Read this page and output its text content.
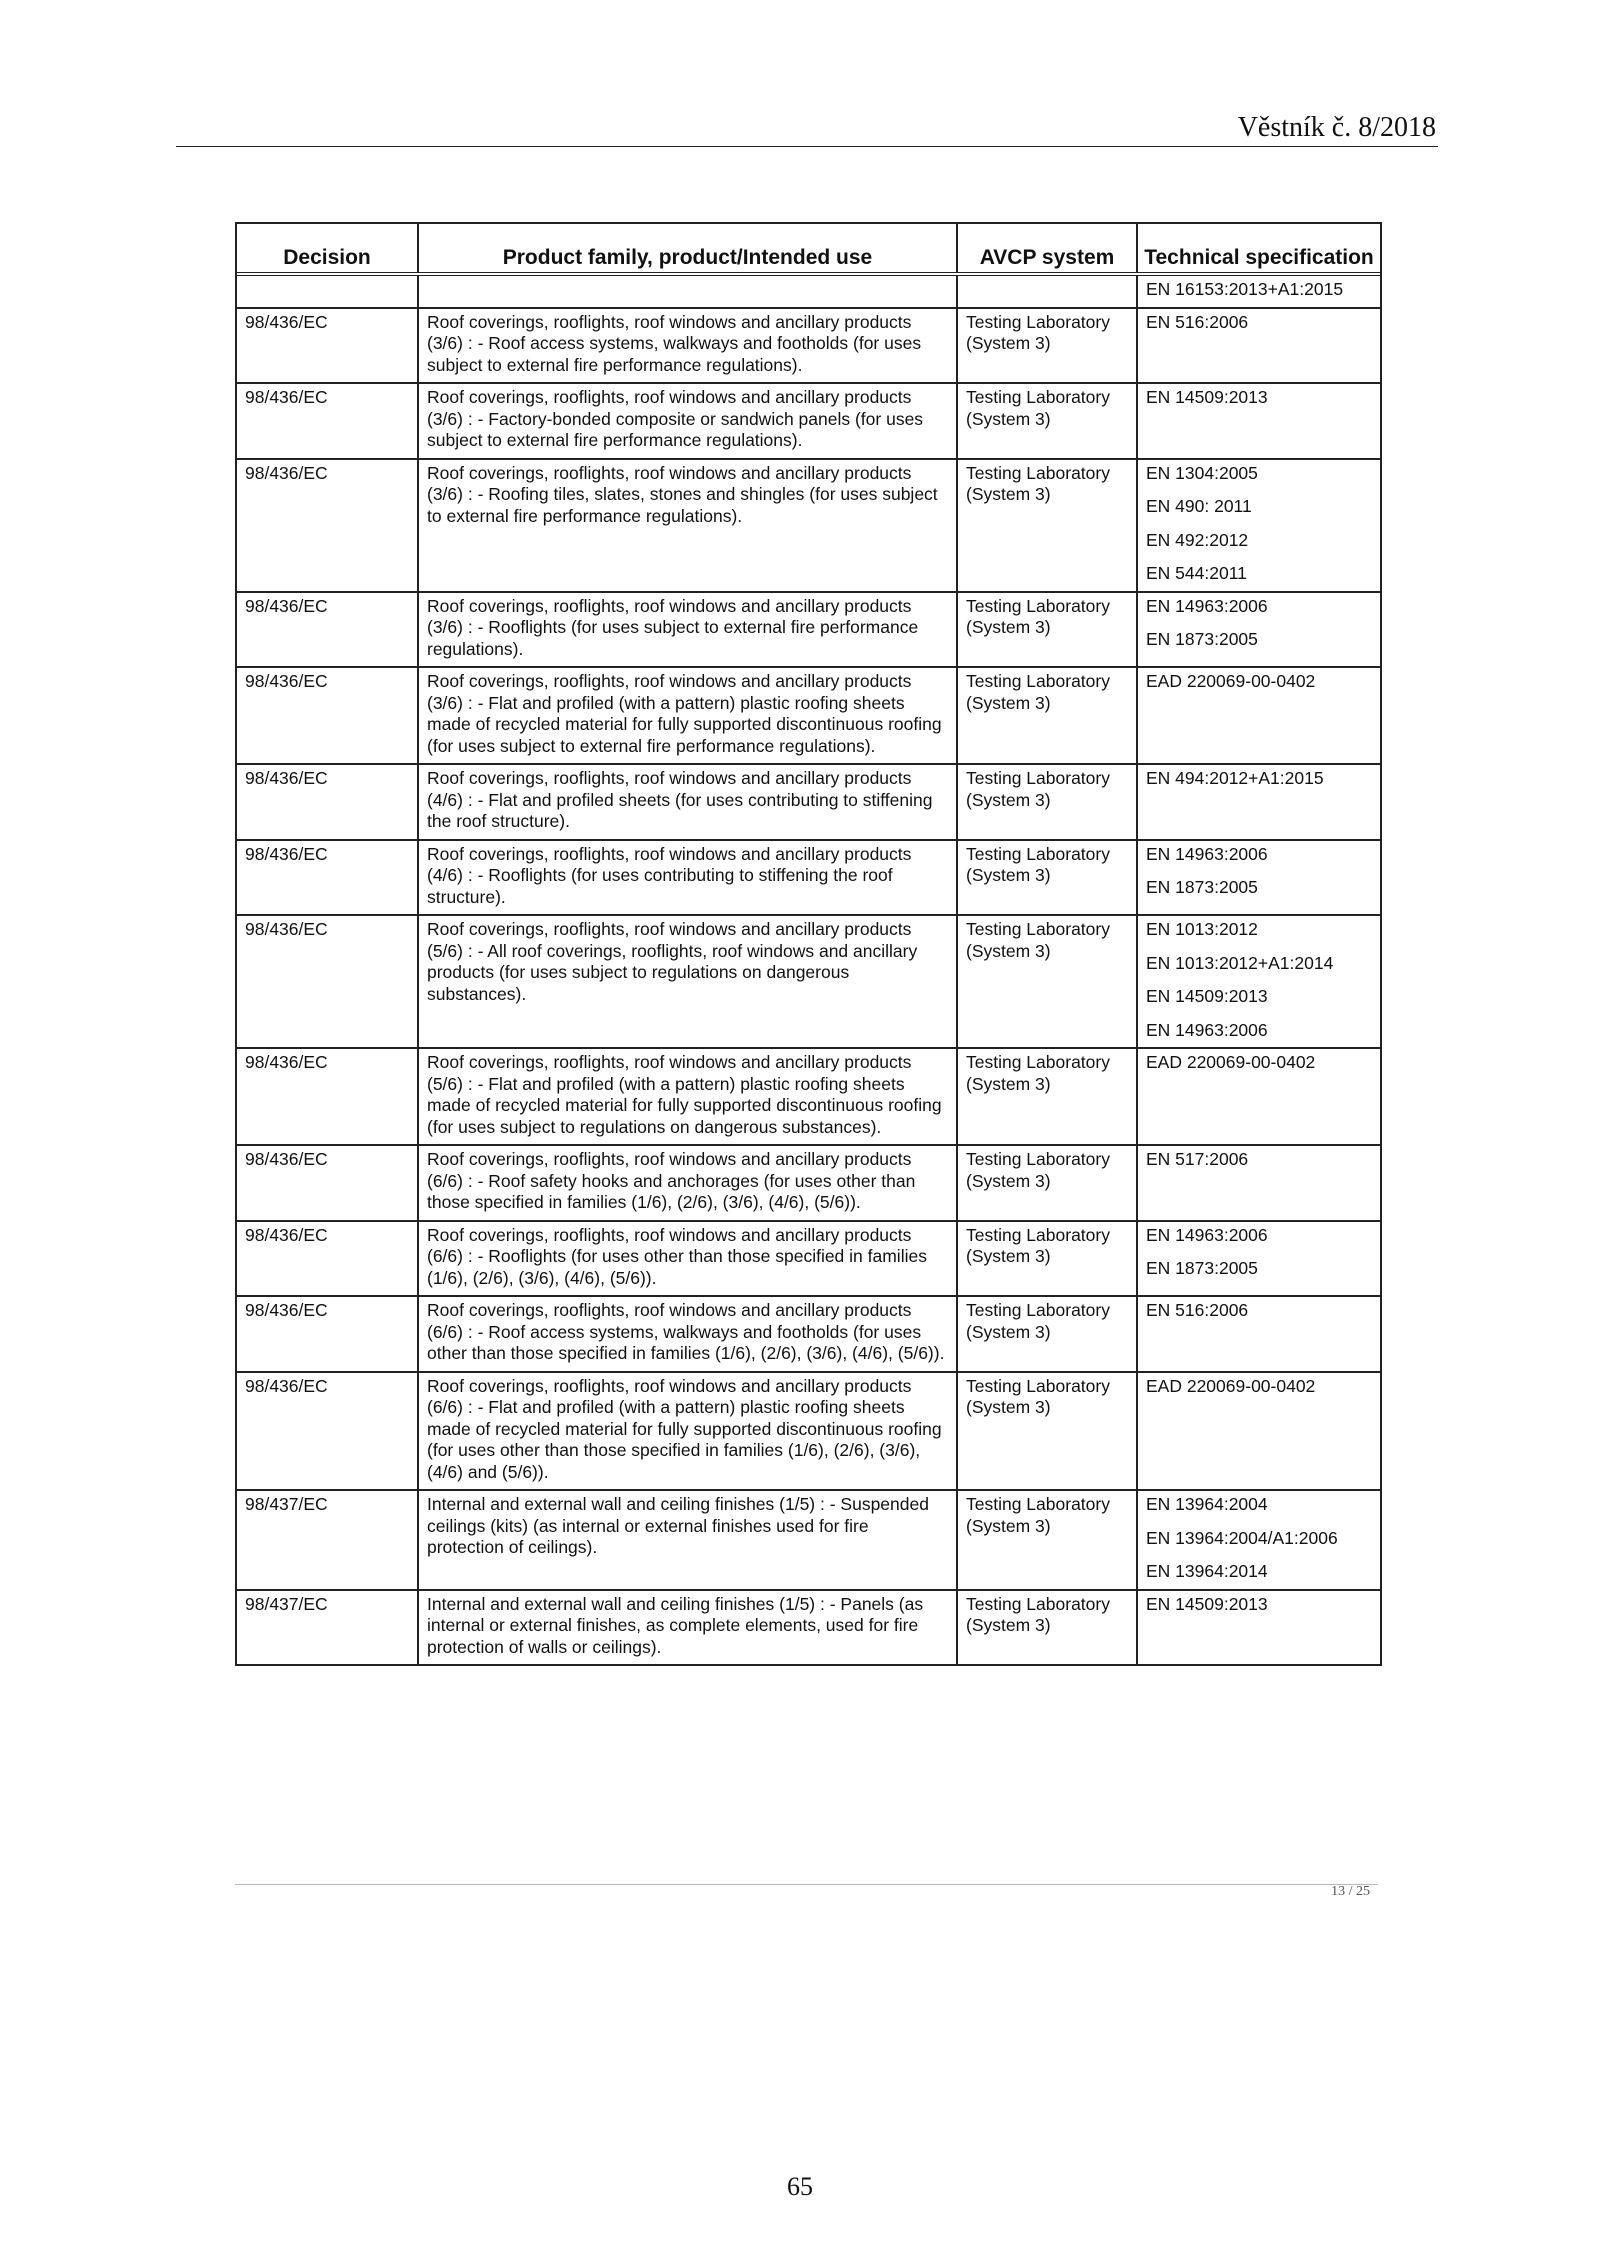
Věstník č. 8/2018
Decision	Product family, product/Intended use	AVCP system	Technical specification

			EN 16153:2013+A1:2015

98/436/EC	Roof coverings, rooflights, roof windows and ancillary products (3/6) : - Roof access systems, walkways and footholds (for uses subject to external fire performance regulations).	Testing Laboratory (System 3)	EN 516:2006

98/436/EC	Roof coverings, rooflights, roof windows and ancillary products (3/6) : - Factory-bonded composite or sandwich panels (for uses subject to external fire performance regulations).	Testing Laboratory (System 3)	EN 14509:2013

98/436/EC	Roof coverings, rooflights, roof windows and ancillary products (3/6) : - Roofing tiles, slates, stones and shingles (for uses subject to external fire performance regulations).	Testing Laboratory (System 3)	EN 1304:2005
EN 490: 2011
EN 492:2012
EN 544:2011

98/436/EC	Roof coverings, rooflights, roof windows and ancillary products (3/6) : - Rooflights (for uses subject to external fire performance regulations).	Testing Laboratory (System 3)	EN 14963:2006
EN 1873:2005

98/436/EC	Roof coverings, rooflights, roof windows and ancillary products (3/6) : - Flat and profiled (with a pattern) plastic roofing sheets made of recycled material for fully supported discontinuous roofing (for uses subject to external fire performance regulations).	Testing Laboratory (System 3)	EAD 220069-00-0402

98/436/EC	Roof coverings, rooflights, roof windows and ancillary products (4/6) : - Flat and profiled sheets (for uses contributing to stiffening the roof structure).	Testing Laboratory (System 3)	EN 494:2012+A1:2015

98/436/EC	Roof coverings, rooflights, roof windows and ancillary products (4/6) : - Rooflights (for uses contributing to stiffening the roof structure).	Testing Laboratory (System 3)	EN 14963:2006
EN 1873:2005

98/436/EC	Roof coverings, rooflights, roof windows and ancillary products (5/6) : - All roof coverings, rooflights, roof windows and ancillary products (for uses subject to regulations on dangerous substances).	Testing Laboratory (System 3)	EN 1013:2012
EN 1013:2012+A1:2014
EN 14509:2013
EN 14963:2006

98/436/EC	Roof coverings, rooflights, roof windows and ancillary products (5/6) : - Flat and profiled (with a pattern) plastic roofing sheets made of recycled material for fully supported discontinuous roofing (for uses subject to regulations on dangerous substances).	Testing Laboratory (System 3)	EAD 220069-00-0402

98/436/EC	Roof coverings, rooflights, roof windows and ancillary products (6/6) : - Roof safety hooks and anchorages (for uses other than those specified in families (1/6), (2/6), (3/6), (4/6), (5/6)).	Testing Laboratory (System 3)	EN 517:2006

98/436/EC	Roof coverings, rooflights, roof windows and ancillary products (6/6) : - Rooflights (for uses other than those specified in families (1/6), (2/6), (3/6), (4/6), (5/6)).	Testing Laboratory (System 3)	EN 14963:2006
EN 1873:2005

98/436/EC	Roof coverings, rooflights, roof windows and ancillary products (6/6) : - Roof access systems, walkways and footholds (for uses other than those specified in families (1/6), (2/6), (3/6), (4/6), (5/6)).	Testing Laboratory (System 3)	EN 516:2006

98/436/EC	Roof coverings, rooflights, roof windows and ancillary products (6/6) : - Flat and profiled (with a pattern) plastic roofing sheets made of recycled material for fully supported discontinuous roofing (for uses other than those specified in families (1/6), (2/6), (3/6), (4/6) and (5/6)).	Testing Laboratory (System 3)	EAD 220069-00-0402

98/437/EC	Internal and external wall and ceiling finishes (1/5) : - Suspended ceilings (kits) (as internal or external finishes used for fire protection of ceilings).	Testing Laboratory (System 3)	EN 13964:2004
EN 13964:2004/A1:2006
EN 13964:2014

98/437/EC	Internal and external wall and ceiling finishes (1/5) : - Panels (as internal or external finishes, as complete elements, used for fire protection of walls or ceilings).	Testing Laboratory (System 3)	EN 14509:2013
13 / 25
65
